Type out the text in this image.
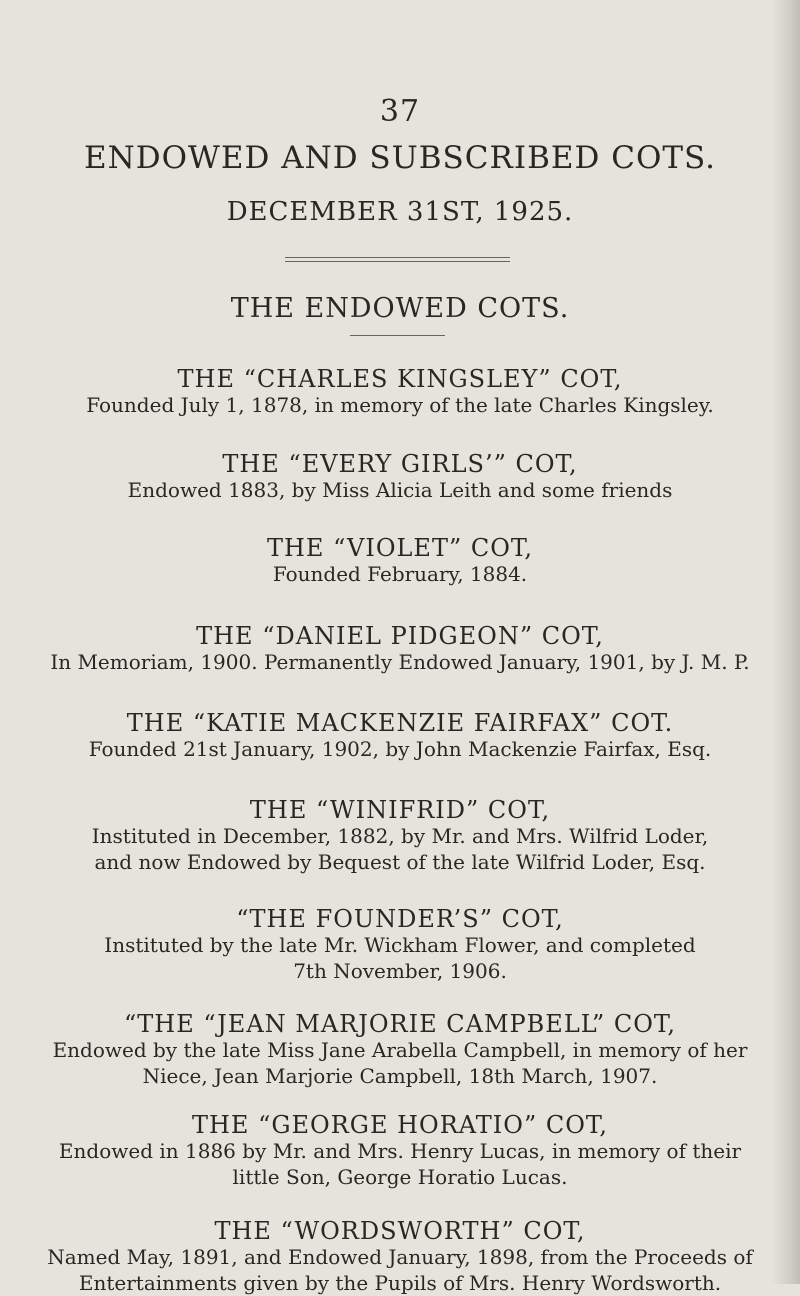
37
ENDOWED AND SUBSCRIBED COTS.
DECEMBER 31ST, 1925.
THE ENDOWED COTS.
THE “CHARLES KINGSLEY” COT,
Founded July 1, 1878, in memory of the late Charles Kingsley.
THE “EVERY GIRLS’” COT,
Endowed 1883, by Miss Alicia Leith and some friends
THE “VIOLET” COT,
Founded February, 1884.
THE “DANIEL PIDGEON” COT,
In Memoriam, 1900. Permanently Endowed January, 1901, by J. M. P.
THE “KATIE MACKENZIE FAIRFAX” COT.
Founded 21st January, 1902, by John Mackenzie Fairfax, Esq.
THE “WINIFRID” COT,
Instituted in December, 1882, by Mr. and Mrs. Wilfrid Loder,
and now Endowed by Bequest of the late Wilfrid Loder, Esq.
“THE FOUNDER’S” COT,
Instituted by the late Mr. Wickham Flower, and completed
7th November, 1906.
“THE “JEAN MARJORIE CAMPBELL” COT,
Endowed by the late Miss Jane Arabella Campbell, in memory of her
Niece, Jean Marjorie Campbell, 18th March, 1907.
THE “GEORGE HORATIO” COT,
Endowed in 1886 by Mr. and Mrs. Henry Lucas, in memory of their
little Son, George Horatio Lucas.
THE “WORDSWORTH” COT,
Named May, 1891, and Endowed January, 1898, from the Proceeds of
Entertainments given by the Pupils of Mrs. Henry Wordsworth.
